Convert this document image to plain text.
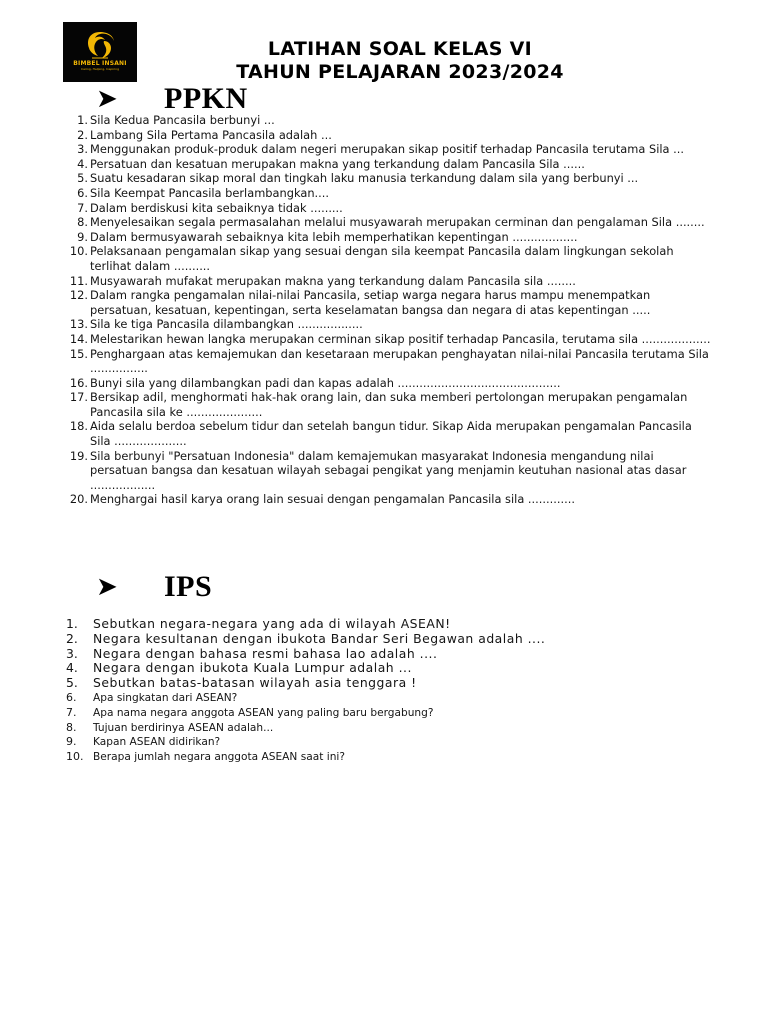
BIMBEL INSANI
Caring, Helping, Inspiring
LATIHAN SOAL KELAS VI
TAHUN PELAJARAN 2023/2024
➤	PPKN
1. Sila Kedua Pancasila berbunyi ...
2. Lambang Sila Pertama Pancasila adalah ...
3. Menggunakan produk-produk dalam negeri merupakan sikap positif terhadap Pancasila terutama Sila ...
4. Persatuan dan kesatuan merupakan makna yang terkandung dalam Pancasila Sila ......
5. Suatu kesadaran sikap moral dan tingkah laku manusia terkandung dalam sila yang berbunyi ...
6. Sila Keempat Pancasila berlambangkan....
7. Dalam berdiskusi kita sebaiknya tidak .........
8. Menyelesaikan segala permasalahan melalui musyawarah merupakan cerminan dan pengalaman Sila ........
9. Dalam bermusyawarah sebaiknya kita lebih memperhatikan kepentingan ..................
10. Pelaksanaan pengamalan sikap yang sesuai dengan sila keempat Pancasila dalam lingkungan sekolah terlihat dalam ..........
11. Musyawarah mufakat merupakan makna yang terkandung dalam Pancasila sila ........
12. Dalam rangka pengamalan nilai-nilai Pancasila, setiap warga negara harus mampu menempatkan persatuan, kesatuan, kepentingan, serta keselamatan bangsa dan negara di atas kepentingan .....
13. Sila ke tiga Pancasila dilambangkan ..................
14. Melestarikan hewan langka merupakan cerminan sikap positif terhadap Pancasila, terutama sila ...................
15. Penghargaan atas kemajemukan dan kesetaraan merupakan penghayatan nilai-nilai Pancasila terutama Sila ................
16. Bunyi sila yang dilambangkan padi dan kapas adalah .............................................
17. Bersikap adil, menghormati hak-hak orang lain, dan suka memberi pertolongan merupakan pengamalan Pancasila sila ke .....................
18. Aida selalu berdoa sebelum tidur dan setelah bangun tidur. Sikap Aida merupakan pengamalan Pancasila Sila ....................
19. Sila berbunyi "Persatuan Indonesia" dalam kemajemukan masyarakat Indonesia mengandung nilai persatuan bangsa dan kesatuan wilayah sebagai pengikat yang menjamin keutuhan nasional atas dasar ..................
20. Menghargai hasil karya orang lain sesuai dengan pengamalan Pancasila sila .............
➤	IPS
1.	Sebutkan negara-negara yang ada di wilayah ASEAN!
2.	Negara kesultanan dengan ibukota Bandar Seri Begawan adalah ....
3.	Negara dengan bahasa resmi bahasa lao adalah ....
4.	Negara dengan ibukota Kuala Lumpur adalah ...
5.	Sebutkan batas-batasan wilayah asia tenggara !
6.	Apa singkatan dari ASEAN?
7.	Apa nama negara anggota ASEAN yang paling baru bergabung?
8.	Tujuan berdirinya ASEAN adalah...
9.	Kapan ASEAN didirikan?
10. Berapa jumlah negara anggota ASEAN saat ini?
